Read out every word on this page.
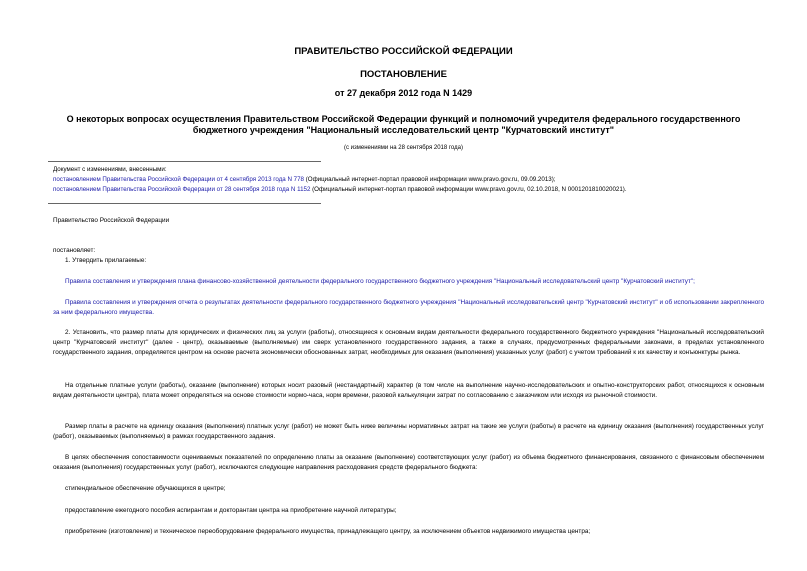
ПРАВИТЕЛЬСТВО РОССИЙСКОЙ ФЕДЕРАЦИИ
ПОСТАНОВЛЕНИЕ
от 27 декабря 2012 года N 1429
О некоторых вопросах осуществления Правительством Российской Федерации функций и полномочий учредителя федерального государственного бюджетного учреждения "Национальный исследовательский центр "Курчатовский институт"
(с изменениями на 28 сентября 2018 года)
Документ с изменениями, внесенными:
постановлением Правительства Российской Федерации от 4 сентября 2013 года N 778 (Официальный интернет-портал правовой информации www.pravo.gov.ru, 09.09.2013);
постановлением Правительства Российской Федерации от 28 сентября 2018 года N 1152 (Официальный интернет-портал правовой информации www.pravo.gov.ru, 02.10.2018, N 0001201810020021).
Правительство Российской Федерации
постановляет:
1. Утвердить прилагаемые:
Правила составления и утверждения плана финансово-хозяйственной деятельности федерального государственного бюджетного учреждения "Национальный исследовательский центр "Курчатовский институт";
Правила составления и утверждения отчета о результатах деятельности федерального государственного бюджетного учреждения "Национальный исследовательский центр "Курчатовский институт" и об использовании закрепленного за ним федерального имущества.
2. Установить, что размер платы для юридических и физических лиц за услуги (работы), относящиеся к основным видам деятельности федерального государственного бюджетного учреждения "Национальный исследовательский центр "Курчатовский институт" (далее - центр), оказываемые (выполняемые) им сверх установленного государственного задания, а также в случаях, предусмотренных федеральными законами, в пределах установленного государственного задания, определяется центром на основе расчета экономически обоснованных затрат, необходимых для оказания (выполнения) указанных услуг (работ) с учетом требований к их качеству и конъюнктуры рынка.
На отдельные платные услуги (работы), оказание (выполнение) которых носит разовый (нестандартный) характер (в том числе на выполнение научно-исследовательских и опытно-конструкторских работ, относящихся к основным видам деятельности центра), плата может определяться на основе стоимости нормо-часа, норм времени, разовой калькуляции затрат по согласованию с заказчиком или исходя из рыночной стоимости.
Размер платы в расчете на единицу оказания (выполнения) платных услуг (работ) не может быть ниже величины нормативных затрат на такие же услуги (работы) в расчете на единицу оказания (выполнения) государственных услуг (работ), оказываемых (выполняемых) в рамках государственного задания.
В целях обеспечения сопоставимости оцениваемых показателей по определению платы за оказание (выполнение) соответствующих услуг (работ) из объема бюджетного финансирования, связанного с финансовым обеспечением оказания (выполнения) государственных услуг (работ), исключаются следующие направления расходования средств федерального бюджета:
стипендиальное обеспечение обучающихся в центре;
предоставление ежегодного пособия аспирантам и докторантам центра на приобретение научной литературы;
приобретение (изготовление) и техническое переоборудование федерального имущества, принадлежащего центру, за исключением объектов недвижимого имущества центра;
